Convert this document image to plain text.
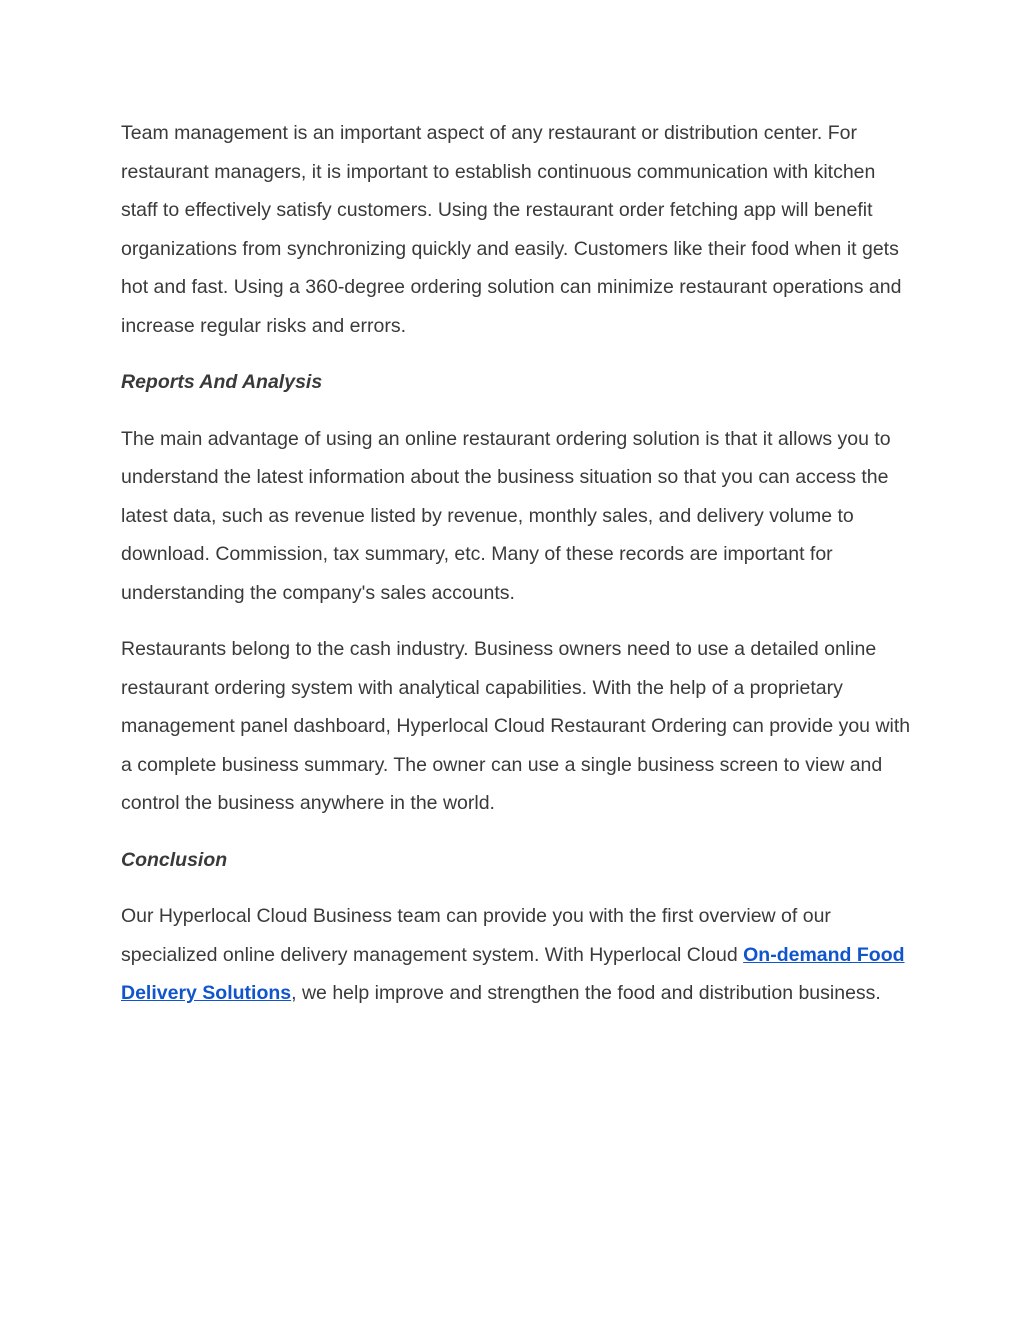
Team management is an important aspect of any restaurant or distribution center. For restaurant managers, it is important to establish continuous communication with kitchen staff to effectively satisfy customers. Using the restaurant order fetching app will benefit organizations from synchronizing quickly and easily. Customers like their food when it gets hot and fast. Using a 360-degree ordering solution can minimize restaurant operations and increase regular risks and errors.

Reports And Analysis

The main advantage of using an online restaurant ordering solution is that it allows you to understand the latest information about the business situation so that you can access the latest data, such as revenue listed by revenue, monthly sales, and delivery volume to download. Commission, tax summary, etc. Many of these records are important for understanding the company's sales accounts.

Restaurants belong to the cash industry. Business owners need to use a detailed online restaurant ordering system with analytical capabilities. With the help of a proprietary management panel dashboard, Hyperlocal Cloud Restaurant Ordering can provide you with a complete business summary. The owner can use a single business screen to view and control the business anywhere in the world.

Conclusion

Our Hyperlocal Cloud Business team can provide you with the first overview of our specialized online delivery management system. With Hyperlocal Cloud On-demand Food Delivery Solutions, we help improve and strengthen the food and distribution business.
